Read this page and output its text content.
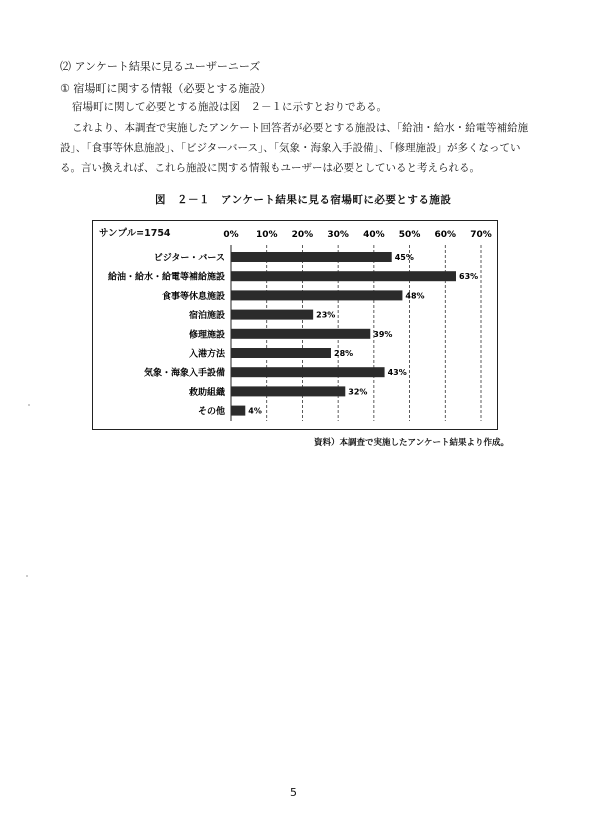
⑵ アンケート結果に見るユーザーニーズ
① 宿場町に関する情報（必要とする施設）
宿場町に関して必要とする施設は図　２－１に示すとおりである。
これより、本調査で実施したアンケート回答者が必要とする施設は、「給油・給水・給電等補給施設」、「食事等休息施設」、「ビジターバース」、「気象・海象入手設備」、「修理施設」が多くなっている。言い換えれば、これら施設に関する情報もユーザーは必要としていると考えられる。
図　２－１　アンケート結果に見る宿場町に必要とする施設
サンプル=1754	0% 10% 20% 30% 40% 50% 60% 70%
ビジター・バース	45%
給油・給水・給電等補給施設	63%
食事等休息施設	48%
宿泊施設	23%
修理施設	39%
入港方法	28%
気象・海象入手設備	43%
救助組織	32%
その他	4%
資料）本調査で実施したアンケート結果より作成。
5
